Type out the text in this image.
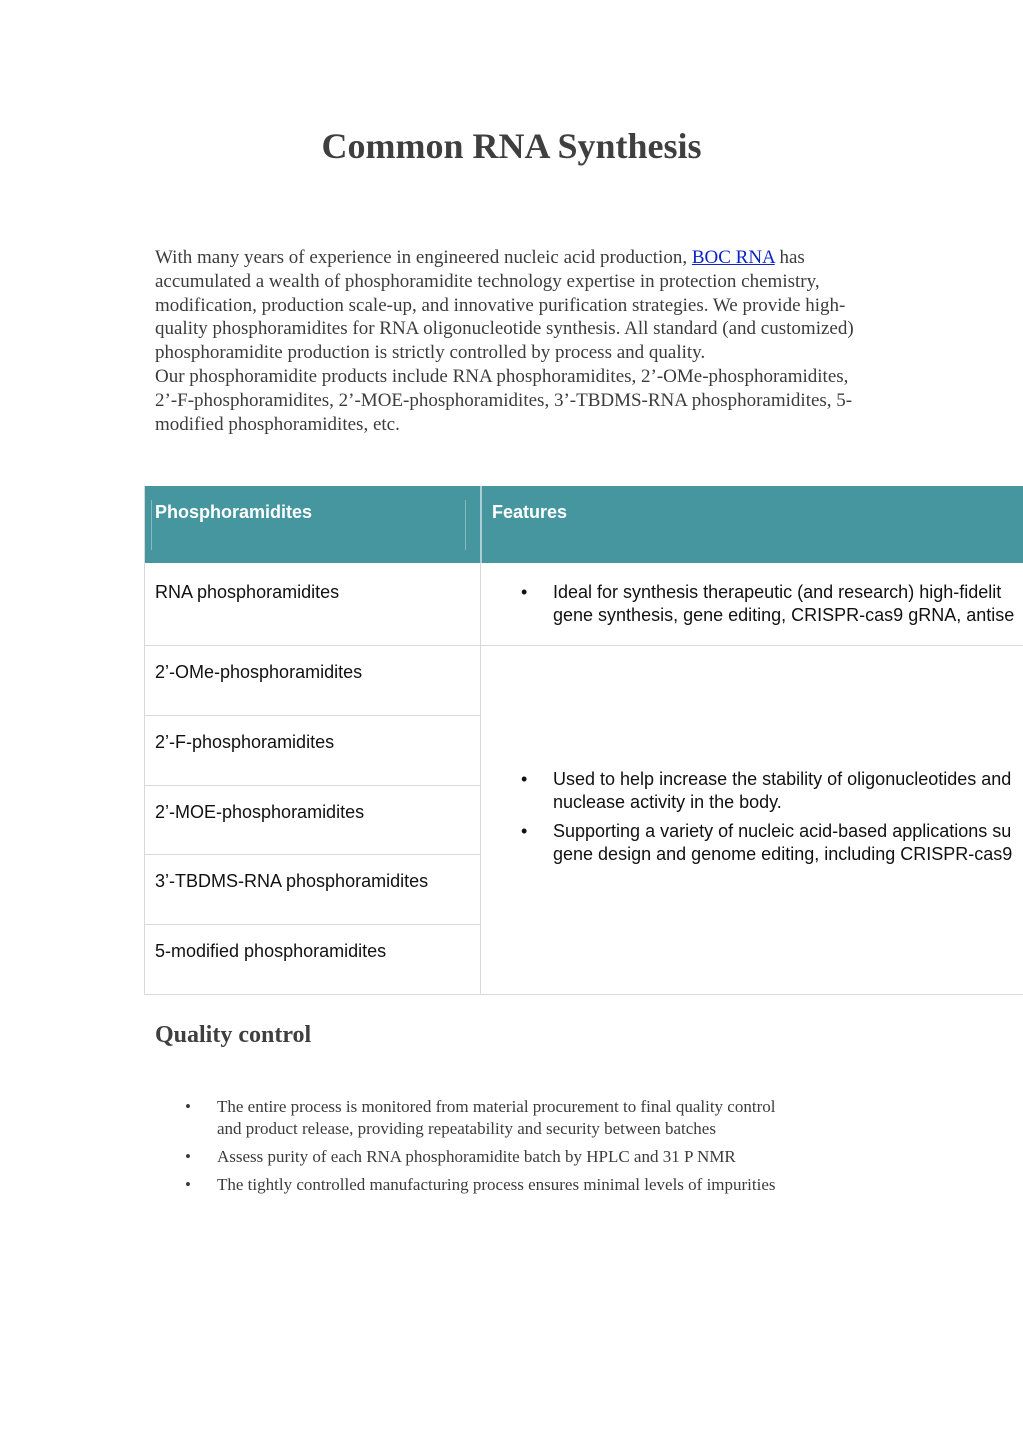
Common RNA Synthesis

With many years of experience in engineered nucleic acid production, BOC RNA has accumulated a wealth of phosphoramidite technology expertise in protection chemistry, modification, production scale-up, and innovative purification strategies. We provide high-quality phosphoramidites for RNA oligonucleotide synthesis. All standard (and customized) phosphoramidite production is strictly controlled by process and quality.

Our phosphoramidite products include RNA phosphoramidites, 2’-OMe-phosphoramidites, 2’-F-phosphoramidites, 2’-MOE-phosphoramidites, 3’-TBDMS-RNA phosphoramidites, 5-modified phosphoramidites, etc.

Phosphoramidites	Features
RNA phosphoramidites
2’-OMe-phosphoramidites
2’-F-phosphoramidites
2’-MOE-phosphoramidites
3’-TBDMS-RNA phosphoramidites
5-modified phosphoramidites
• Ideal for synthesis therapeutic (and research) high-fidelit
gene synthesis, gene editing, CRISPR-cas9 gRNA, antise
• Used to help increase the stability of oligonucleotides and
nuclease activity in the body.
• Supporting a variety of nucleic acid-based applications su
gene design and genome editing, including CRISPR-cas9
Quality control
• The entire process is monitored from material procurement to final quality control
and product release, providing repeatability and security between batches
• Assess purity of each RNA phosphoramidite batch by HPLC and 31 P NMR
• The tightly controlled manufacturing process ensures minimal levels of impurities
